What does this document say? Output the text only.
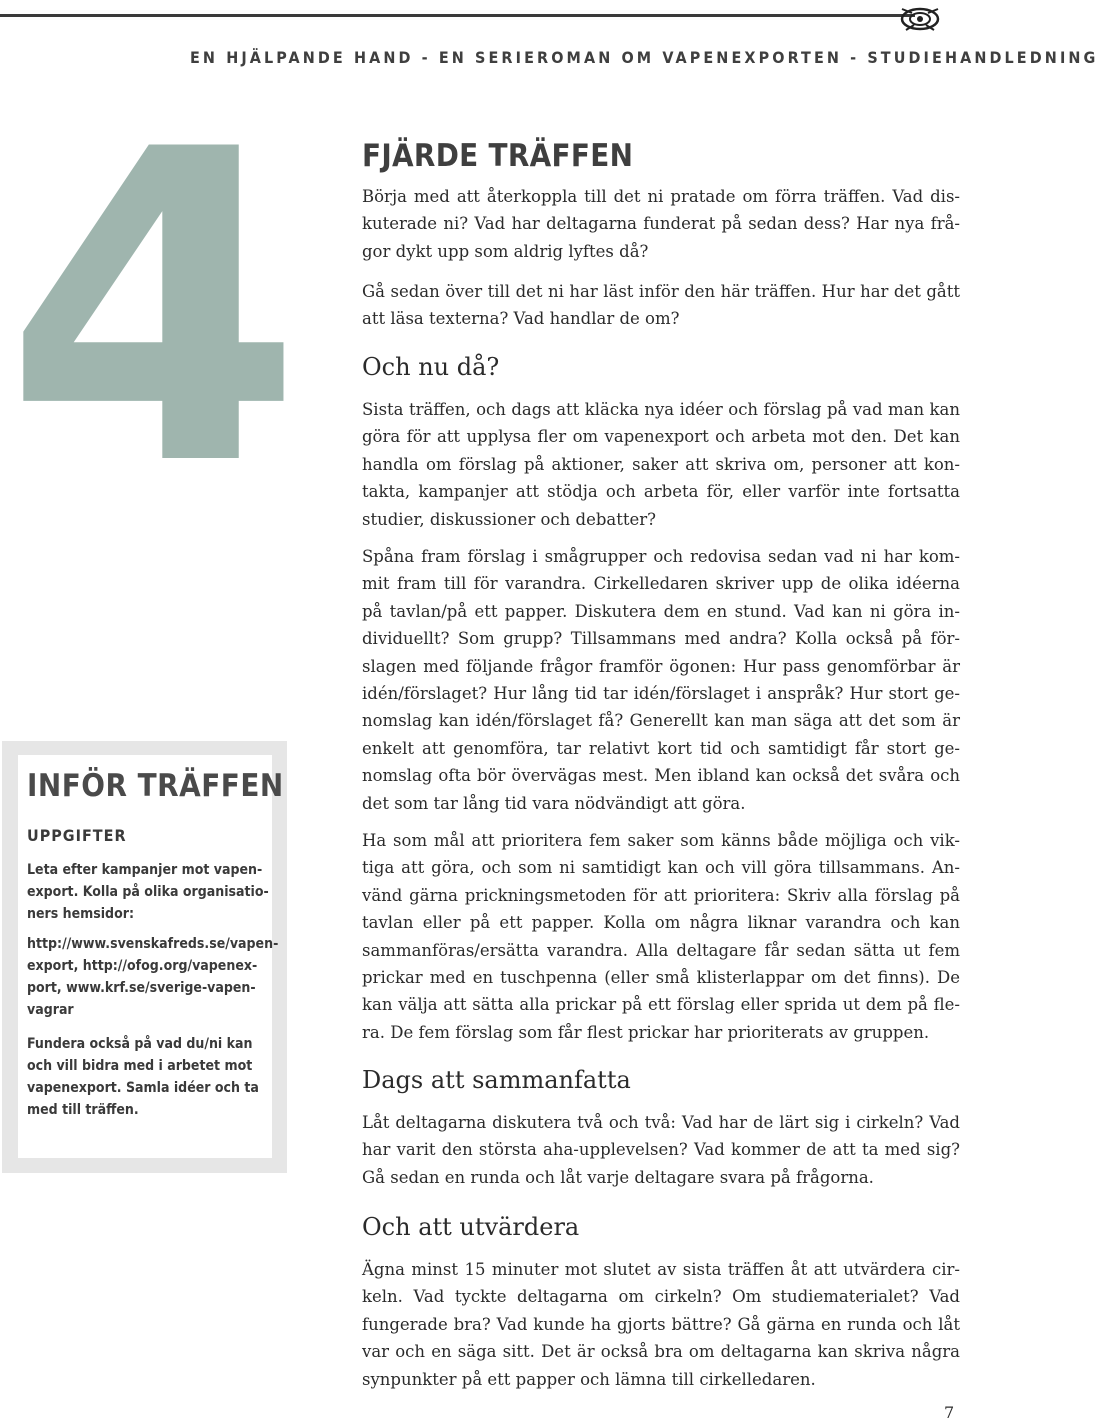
EN HJÄLPANDE HAND - EN SERIEROMAN OM VAPENEXPORTEN - STUDIEHANDLEDNING
4
INFÖR TRÄFFEN
UPPGIFTER
Leta efter kampanjer mot vapen-
export. Kolla på olika organisatio-
ners hemsidor:
http://www.svenskafreds.se/vapen-
export, http://ofog.org/vapenex-
port, www.krf.se/sverige-vapen-
vagrar
Fundera också på vad du/ni kan
och vill bidra med i arbetet mot
vapenexport. Samla idéer och ta
med till träffen.
FJÄRDE TRÄFFEN
Börja med att återkoppla till det ni pratade om förra träffen. Vad dis-
kuterade ni? Vad har deltagarna funderat på sedan dess? Har nya frå-
gor dykt upp som aldrig lyftes då?
Gå sedan över till det ni har läst inför den här träffen. Hur har det gått
att läsa texterna? Vad handlar de om?
Och nu då?
Sista träffen, och dags att kläcka nya idéer och förslag på vad man kan
göra för att upplysa fler om vapenexport och arbeta mot den. Det kan
handla om förslag på aktioner, saker att skriva om, personer att kon-
takta, kampanjer att stödja och arbeta för, eller varför inte fortsatta
studier, diskussioner och debatter?
Spåna fram förslag i smågrupper och redovisa sedan vad ni har kom-
mit fram till för varandra. Cirkelledaren skriver upp de olika idéerna
på tavlan/på ett papper. Diskutera dem en stund. Vad kan ni göra in-
dividuellt? Som grupp? Tillsammans med andra? Kolla också på för-
slagen med följande frågor framför ögonen: Hur pass genomförbar är
idén/förslaget? Hur lång tid tar idén/förslaget i anspråk? Hur stort ge-
nomslag kan idén/förslaget få? Generellt kan man säga att det som är
enkelt att genomföra, tar relativt kort tid och samtidigt får stort ge-
nomslag ofta bör övervägas mest. Men ibland kan också det svåra och
det som tar lång tid vara nödvändigt att göra.
Ha som mål att prioritera fem saker som känns både möjliga och vik-
tiga att göra, och som ni samtidigt kan och vill göra tillsammans. An-
vänd gärna prickningsmetoden för att prioritera: Skriv alla förslag på
tavlan eller på ett papper. Kolla om några liknar varandra och kan
sammanföras/ersätta varandra. Alla deltagare får sedan sätta ut fem
prickar med en tuschpenna (eller små klisterlappar om det finns). De
kan välja att sätta alla prickar på ett förslag eller sprida ut dem på fle-
ra. De fem förslag som får flest prickar har prioriterats av gruppen.
Dags att sammanfatta
Låt deltagarna diskutera två och två: Vad har de lärt sig i cirkeln? Vad
har varit den största aha-upplevelsen? Vad kommer de att ta med sig?
Gå sedan en runda och låt varje deltagare svara på frågorna.
Och att utvärdera
Ägna minst 15 minuter mot slutet av sista träffen åt att utvärdera cir-
keln. Vad tyckte deltagarna om cirkeln? Om studiematerialet? Vad
fungerade bra? Vad kunde ha gjorts bättre? Gå gärna en runda och låt
var och en säga sitt. Det är också bra om deltagarna kan skriva några
synpunkter på ett papper och lämna till cirkelledaren.
7
